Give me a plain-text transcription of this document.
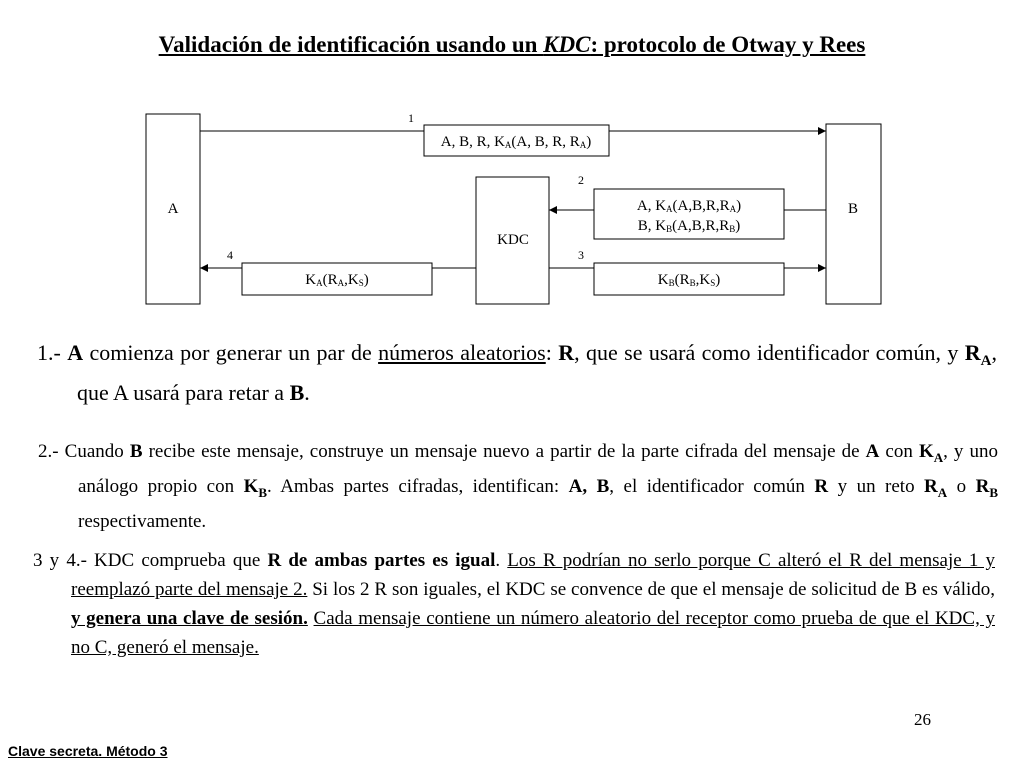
Validación de identificación usando un KDC: protocolo de Otway y Rees
A	B
KDC
1
A, B, R, KA(A, B, R, RA)
2
A, KA(A,B,R,RA)
B, KB(A,B,R,RB)
3
KB(RB,KS)
4
KA(RA,KS)
1.- A comienza por generar un par de números aleatorios: R, que se usará como identificador común, y $R_A$, que A usará para retar a B.
2.- Cuando B recibe este mensaje, construye un mensaje nuevo a partir de la parte cifrada del mensaje de A con $K_A$, y uno análogo propio con $K_B$. Ambas partes cifradas, identifican: A, B, el identificador común R y un reto $R_A$ o $R_B$ respectivamente.
3 y 4.- KDC comprueba que R de ambas partes es igual. Los R podrían no serlo porque C alteró el R del mensaje 1 y reemplazó parte del mensaje 2. Si los 2 R son iguales, el KDC se convence de que el mensaje de solicitud de B es válido, y genera una clave de sesión. Cada mensaje contiene un número aleatorio del receptor como prueba de que el KDC, y no C, generó el mensaje.
26
Clave secreta. Método 3
